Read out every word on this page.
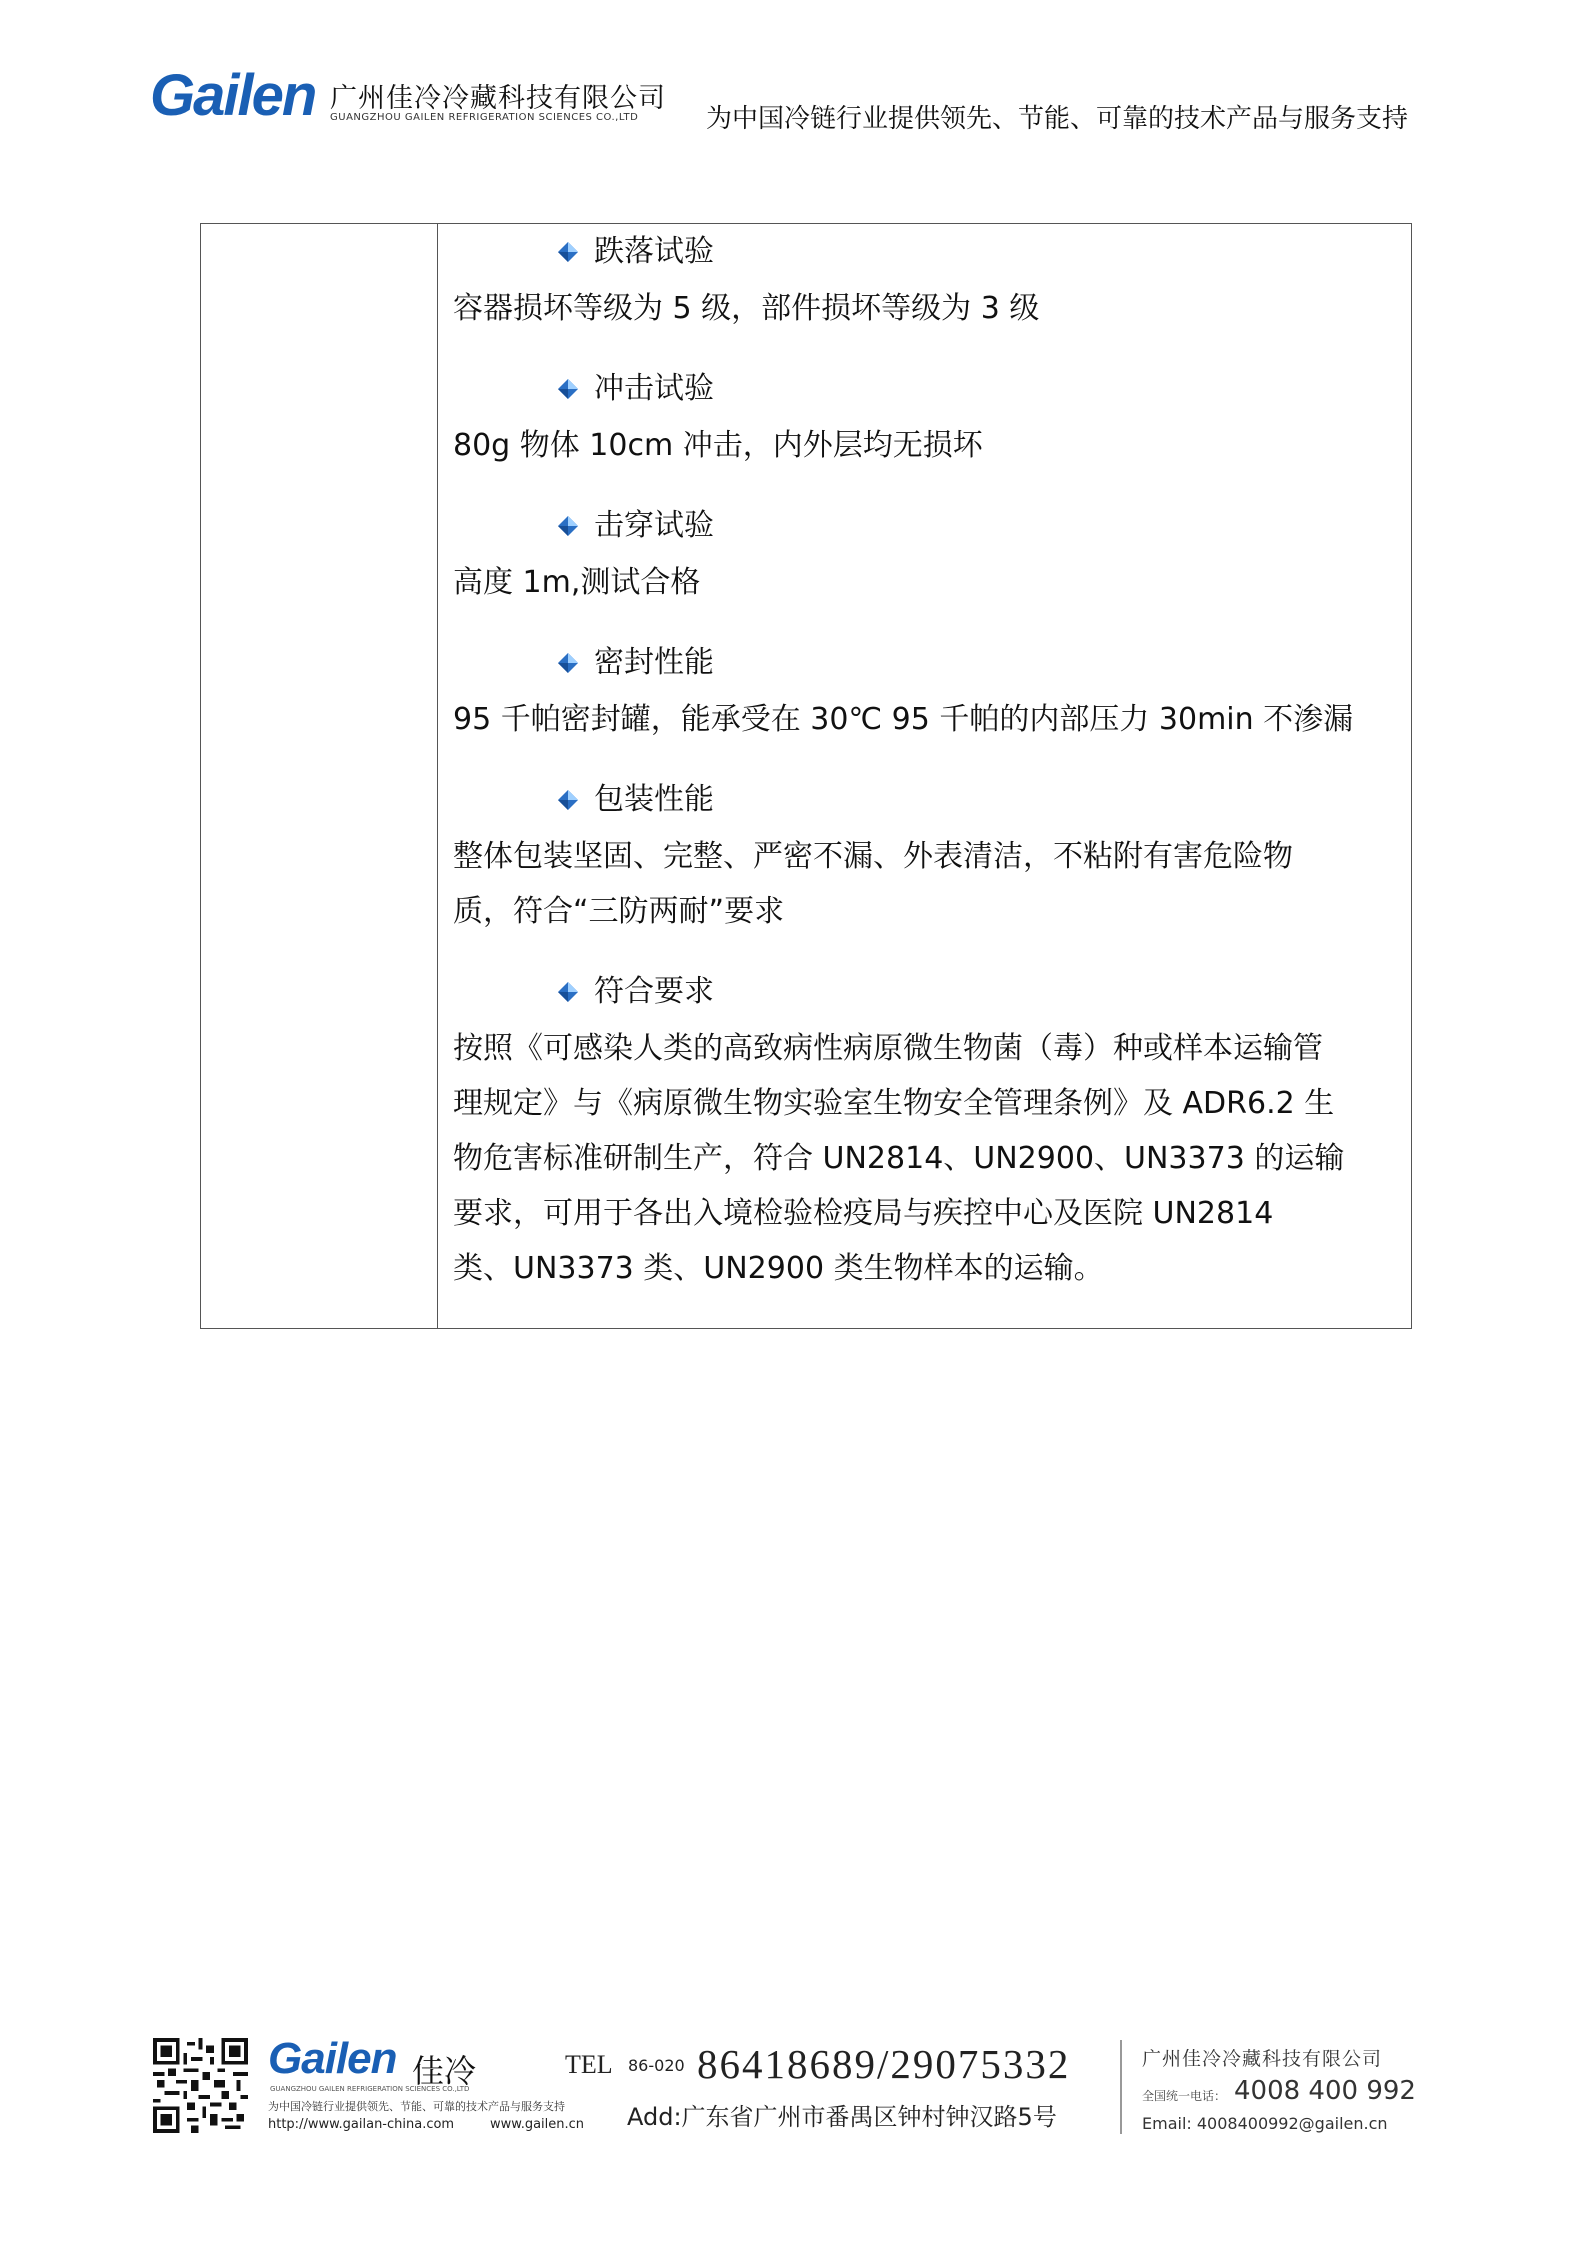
Gailen 广州佳冷冷藏科技有限公司
GUANGZHOU GAILEN REFRIGERATION SCIENCES CO.,LTD	为中国冷链行业提供领先、节能、可靠的技术产品与服务支持
跌落试验
容器损坏等级为 5 级，部件损坏等级为 3 级
冲击试验
80g 物体 10cm 冲击，内外层均无损坏
击穿试验
高度 1m,测试合格
密封性能
95 千帕密封罐，能承受在 30℃ 95 千帕的内部压力 30min 不渗漏
包装性能
整体包装坚固、完整、严密不漏、外表清洁，不粘附有害危险物
质，符合“三防两耐”要求
符合要求
按照《可感染人类的高致病性病原微生物菌（毒）种或样本运输管
理规定》与《病原微生物实验室生物安全管理条例》及 ADR6.2 生
物危害标准研制生产，符合 UN2814、UN2900、UN3373 的运输
要求，可用于各出入境检验检疫局与疾控中心及医院 UN2814
类、UN3373 类、UN2900 类生物样本的运输。
Gailen 佳冷
GUANGZHOU GAILEN REFRIGERATION SCIENCES CO.,LTD
为中国冷链行业提供领先、节能、可靠的技术产品与服务支持
http://www.gailan-china.com	www.gailen.cn
TEL 86-020 86418689/29075332
Add:广东省广州市番禺区钟村钟汉路5号
广州佳冷冷藏科技有限公司
全国统一电话： 4008 400 992
Email: 4008400992@gailen.cn
